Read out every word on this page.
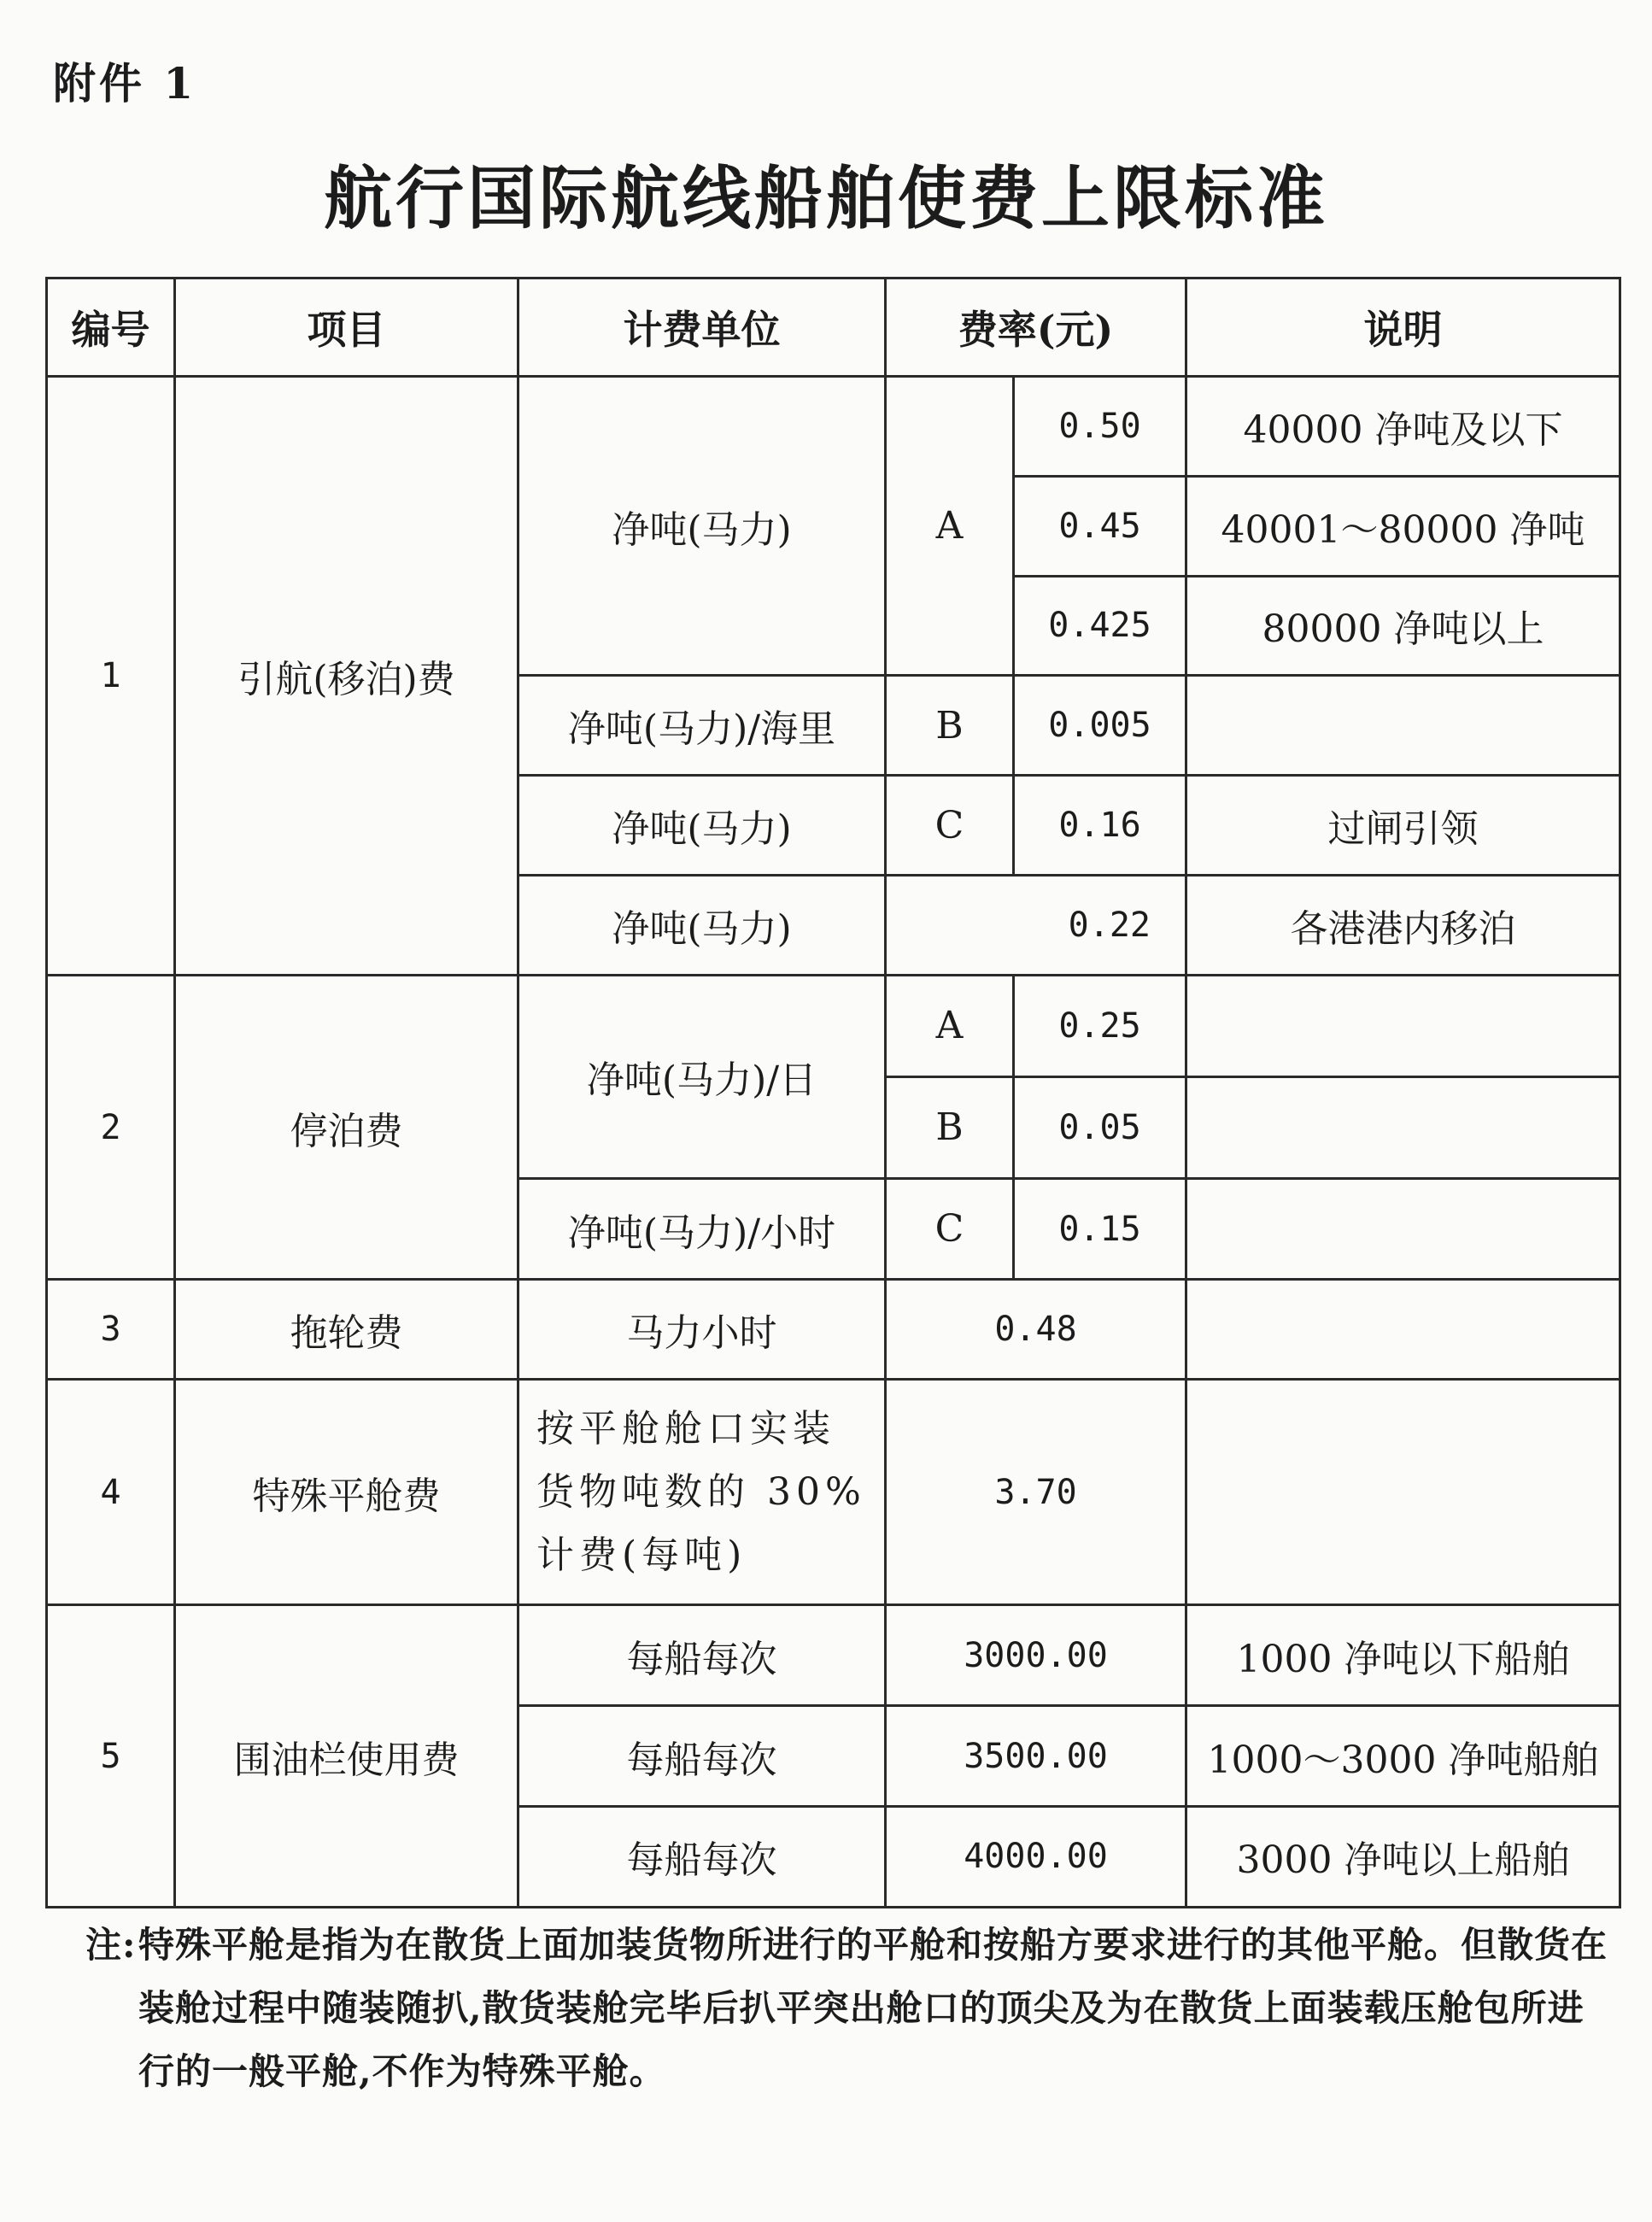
附件 1
航行国际航线船舶使费上限标准
编号	项目	计费单位	费率(元)		说明
1	引航(移泊)费	净吨(马力)	A	0.50	40000 净吨及以下
				0.45	40001～80000 净吨
				0.425	80000 净吨以上
		净吨(马力)/海里	B	0.005	
		净吨(马力)	C	0.16	过闸引领
		净吨(马力)	0.22		各港港内移泊
2	停泊费	净吨(马力)/日	A	0.25	
			B	0.05	
		净吨(马力)/小时	C	0.15	
3	拖轮费	马力小时	0.48		
4	特殊平舱费	按平舱舱口实装货物吨数的 30% 计费(每吨)	3.70		
5	围油栏使用费	每船每次	3000.00		1000 净吨以下船舶
		每船每次	3500.00		1000～3000 净吨船舶
		每船每次	4000.00		3000 净吨以上船舶
注: 特殊平舱是指为在散货上面加装货物所进行的平舱和按船方要求进行的其他平舱。但散货在装舱过程中随装随扒,散货装舱完毕后扒平突出舱口的顶尖及为在散货上面装载压舱包所进行的一般平舱,不作为特殊平舱。
